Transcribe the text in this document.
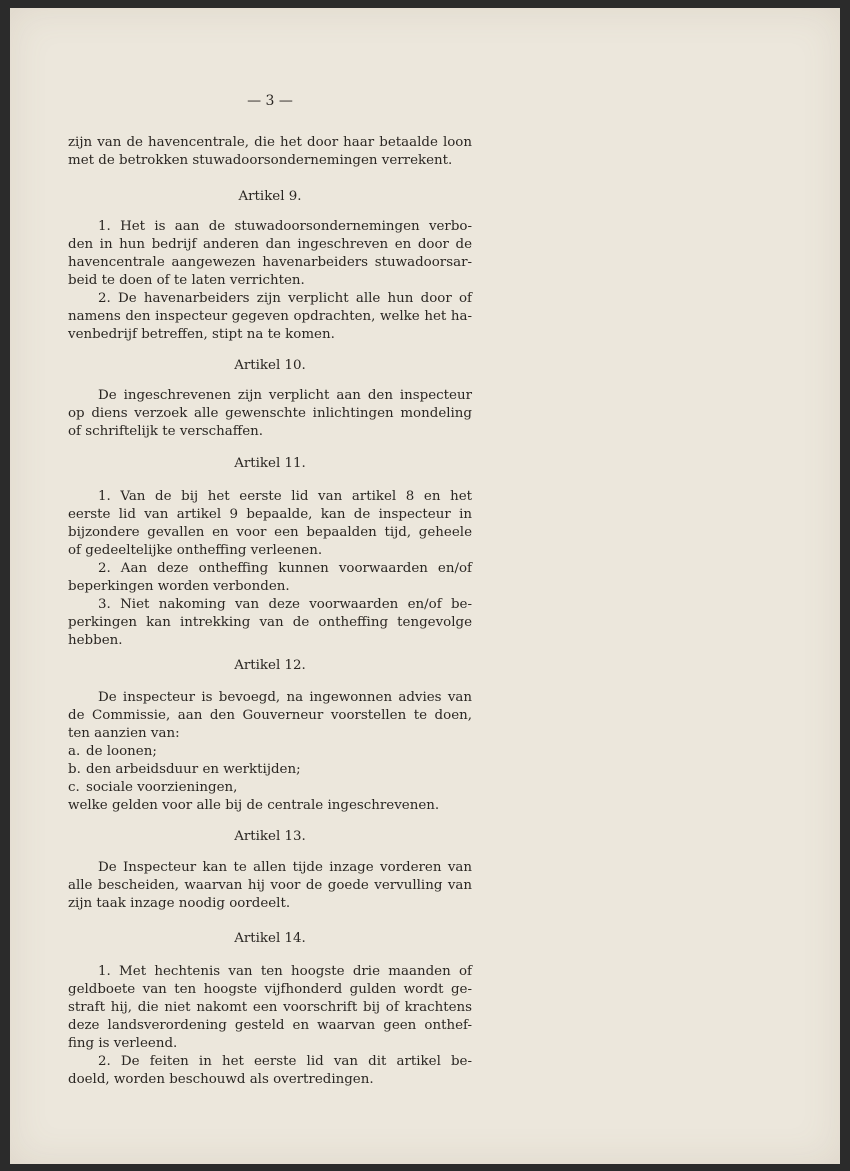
— 3 —
zijn van de havencentrale, die het door haar betaalde loon
met de betrokken stuwadoorsondernemingen verrekent.
Artikel 9.
1. Het is aan de stuwadoorsondernemingen verbo-
den in hun bedrijf anderen dan ingeschreven en door de
havencentrale aangewezen havenarbeiders stuwadoorsar-
beid te doen of te laten verrichten.
2. De havenarbeiders zijn verplicht alle hun door of
namens den inspecteur gegeven opdrachten, welke het ha-
venbedrijf betreffen, stipt na te komen.
Artikel 10.
De ingeschrevenen zijn verplicht aan den inspecteur
op diens verzoek alle gewenschte inlichtingen mondeling
of schriftelijk te verschaffen.
Artikel 11.
1. Van de bij het eerste lid van artikel 8 en het
eerste lid van artikel 9 bepaalde, kan de inspecteur in
bijzondere gevallen en voor een bepaalden tijd, geheele
of gedeeltelijke ontheffing verleenen.
2. Aan deze ontheffing kunnen voorwaarden en/of
beperkingen worden verbonden.
3. Niet nakoming van deze voorwaarden en/of be-
perkingen kan intrekking van de ontheffing tengevolge
hebben.
Artikel 12.
De inspecteur is bevoegd, na ingewonnen advies van
de Commissie, aan den Gouverneur voorstellen te doen,
ten aanzien van:
a. de loonen;
b. den arbeidsduur en werktijden;
c. sociale voorzieningen,
welke gelden voor alle bij de centrale ingeschrevenen.
Artikel 13.
De Inspecteur kan te allen tijde inzage vorderen van
alle bescheiden, waarvan hij voor de goede vervulling van
zijn taak inzage noodig oordeelt.
Artikel 14.
1. Met hechtenis van ten hoogste drie maanden of
geldboete van ten hoogste vijfhonderd gulden wordt ge-
straft hij, die niet nakomt een voorschrift bij of krachtens
deze landsverordening gesteld en waarvan geen onthef-
fing is verleend.
2. De feiten in het eerste lid van dit artikel be-
doeld, worden beschouwd als overtredingen.
